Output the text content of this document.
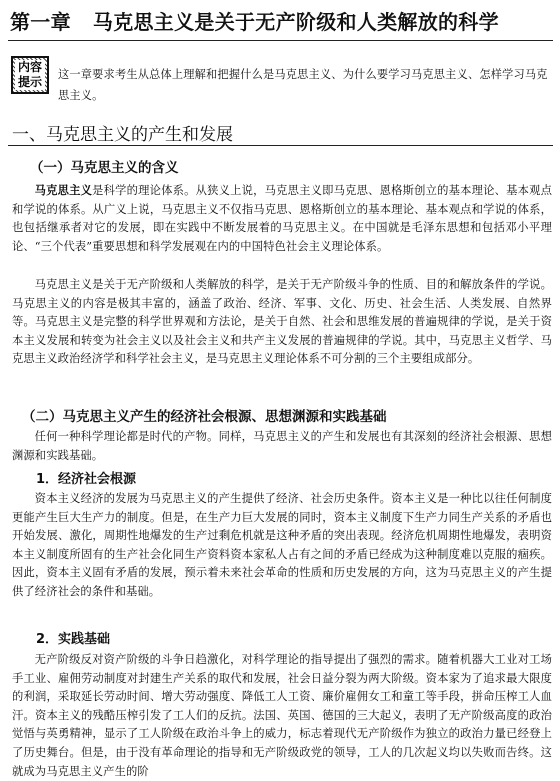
第一章 马克思主义是关于无产阶级和人类解放的科学
内容
提示

这一章要求考生从总体上理解和把握什么是马克思主义、为什么要学习马克思主义、怎样学习马克思主义。

一、马克思主义的产生和发展
（一）马克思主义的含义

马克思主义是科学的理论体系。从狭义上说，马克思主义即马克思、恩格斯创立的基本理论、基本观点和学说的体系。从广义上说，马克思主义不仅指马克思、恩格斯创立的基本理论、基本观点和学说的体系，也包括继承者对它的发展，即在实践中不断发展着的马克思主义。在中国就是毛泽东思想和包括邓小平理论、“三个代表”重要思想和科学发展观在内的中国特色社会主义理论体系。

马克思主义是关于无产阶级和人类解放的科学，是关于无产阶级斗争的性质、目的和解放条件的学说。马克思主义的内容是极其丰富的，涵盖了政治、经济、军事、文化、历史、社会生活、人类发展、自然界等。马克思主义是完整的科学世界观和方法论，是关于自然、社会和思维发展的普遍规律的学说，是关于资本主义发展和转变为社会主义以及社会主义和共产主义发展的普遍规律的学说。其中，马克思主义哲学、马克思主义政治经济学和科学社会主义，是马克思主义理论体系不可分割的三个主要组成部分。

（二）马克思主义产生的经济社会根源、思想渊源和实践基础

任何一种科学理论都是时代的产物。同样，马克思主义的产生和发展也有其深刻的经济社会根源、思想渊源和实践基础。

1．经济社会根源

资本主义经济的发展为马克思主义的产生提供了经济、社会历史条件。资本主义是一种比以往任何制度更能产生巨大生产力的制度。但是，在生产力巨大发展的同时，资本主义制度下生产力同生产关系的矛盾也开始发展、激化，周期性地爆发的生产过剩危机就是这种矛盾的突出表现。经济危机周期性地爆发，表明资本主义制度所固有的生产社会化同生产资料资本家私人占有之间的矛盾已经成为这种制度难以克服的痼疾。因此，资本主义固有矛盾的发展，预示着未来社会革命的性质和历史发展的方向，这为马克思主义的产生提供了经济社会的条件和基础。

2．实践基础

无产阶级反对资产阶级的斗争日趋激化，对科学理论的指导提出了强烈的需求。随着机器大工业对工场手工业、雇佣劳动制度对封建生产关系的取代和发展，社会日益分裂为两大阶级。资本家为了追求最大限度的利润，采取延长劳动时间、增大劳动强度、降低工人工资、廉价雇佣女工和童工等手段，拼命压榨工人血汗。资本主义的残酷压榨引发了工人们的反抗。法国、英国、德国的三大起义，表明了无产阶级高度的政治觉悟与英勇精神，显示了工人阶级在政治斗争上的威力，标志着现代无产阶级作为独立的政治力量已经登上了历史舞台。但是，由于没有革命理论的指导和无产阶级政党的领导，工人的几次起义均以失败而告终。这就成为马克思主义产生的阶
